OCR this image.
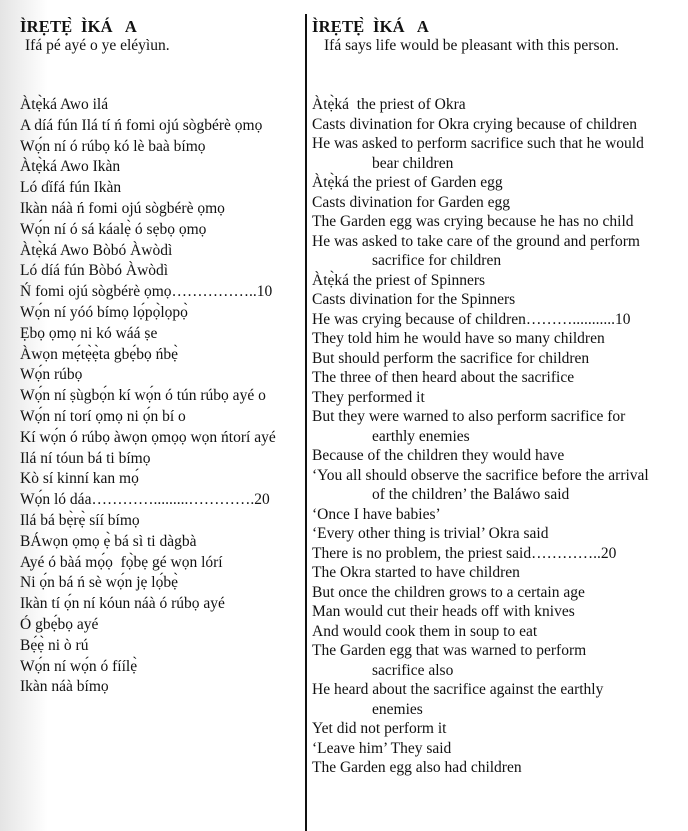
ÌRẸTẸ̀  ÌKÁ   A
Ifá pé ayé o ye eléyìun.
Àtẹ̀ká Awo ilá
A díá fún Ilá tí ń fomi ojú sògbérè ọmọ
Wọ́n ní ó rúbọ kó lè baà bímọ
Àtẹ̀ká Awo Ikàn
Ló ɗífá fún Ikàn
Ikàn náà ń fomi ojú sògbérè ọmọ
Wọ́n ní ó sá káalẹ̀ ó sẹbọ ọmọ
Àtẹ̀ká Awo Bòbó Àwòdì
Ló díá fún Bòbó Àwòdì
Ń fomi ojú sògbérè ọmọ……………..10
Wọ́n ní yóó bímọ lọ́pọ̀lọpọ̀
Ẹbọ ọmọ ni kó wáá ṣe
Àwọn mẹ́tẹ̀ẹ̀ta gbẹ́bọ ńbẹ̀
Wọ́n rúbọ
Wọ́n ní ṣùgbọ́n kí wọ́n ó tún rúbọ ayé o
Wọ́n ní torí ọmọ ni ọ́n bí o
Kí wọ́n ó rúbọ àwọn ọmọọ wọn ńtorí ayé
Ilá ní tóun bá ti bímọ
Kò sí kinní kan mọ́
Wọ́n ló dáa………….........………….20
Ilá bá bẹ̀rẹ̀ síí bímọ
BÁwọn ọmọ ẹ̀ bá sì ti dàgbà
Ayé ó bàá mọ́ọ  fọ̀bẹ gé wọn lórí
Ni ọ́n bá ń sè wọ́n jẹ lọ́bẹ̀
Ikàn tí ọ́n ní kóun náà ó rúbọ ayé
Ó gbẹ́bọ ayé
Bẹ́ẹ̀ ni ò rú
Wọ́n ní wọ́n ó fíílẹ̀
Ikàn náà bímọ
ÌRẸTẸ̀  ÌKÁ   A
Ifá says life would be pleasant with this person.
Àtẹ̀ká  the priest of Okra
Casts divination for Okra crying because of children
He was asked to perform sacrifice such that he would
bear children
Àtẹ̀ká the priest of Garden egg
Casts divination for Garden egg
The Garden egg was crying because he has no child
He was asked to take care of the ground and perform
sacrifice for children
Àtẹ̀ká the priest of Spinners
Casts divination for the Spinners
He was crying because of children………...........10
They told him he would have so many children
But should perform the sacrifice for children
The three of then heard about the sacrifice
They performed it
But they were warned to also perform sacrifice for
earthly enemies
Because of the children they would have
‘You all should observe the sacrifice before the arrival
of the children’ the Baláwo said
‘Once I have babies’
‘Every other thing is trivial’ Okra said
There is no problem, the priest said…………..20
The Okra started to have children
But once the children grows to a certain age
Man would cut their heads off with knives
And would cook them in soup to eat
The Garden egg that was warned to perform
sacrifice also
He heard about the sacrifice against the earthly
enemies
Yet did not perform it
‘Leave him’ They said
The Garden egg also had children
